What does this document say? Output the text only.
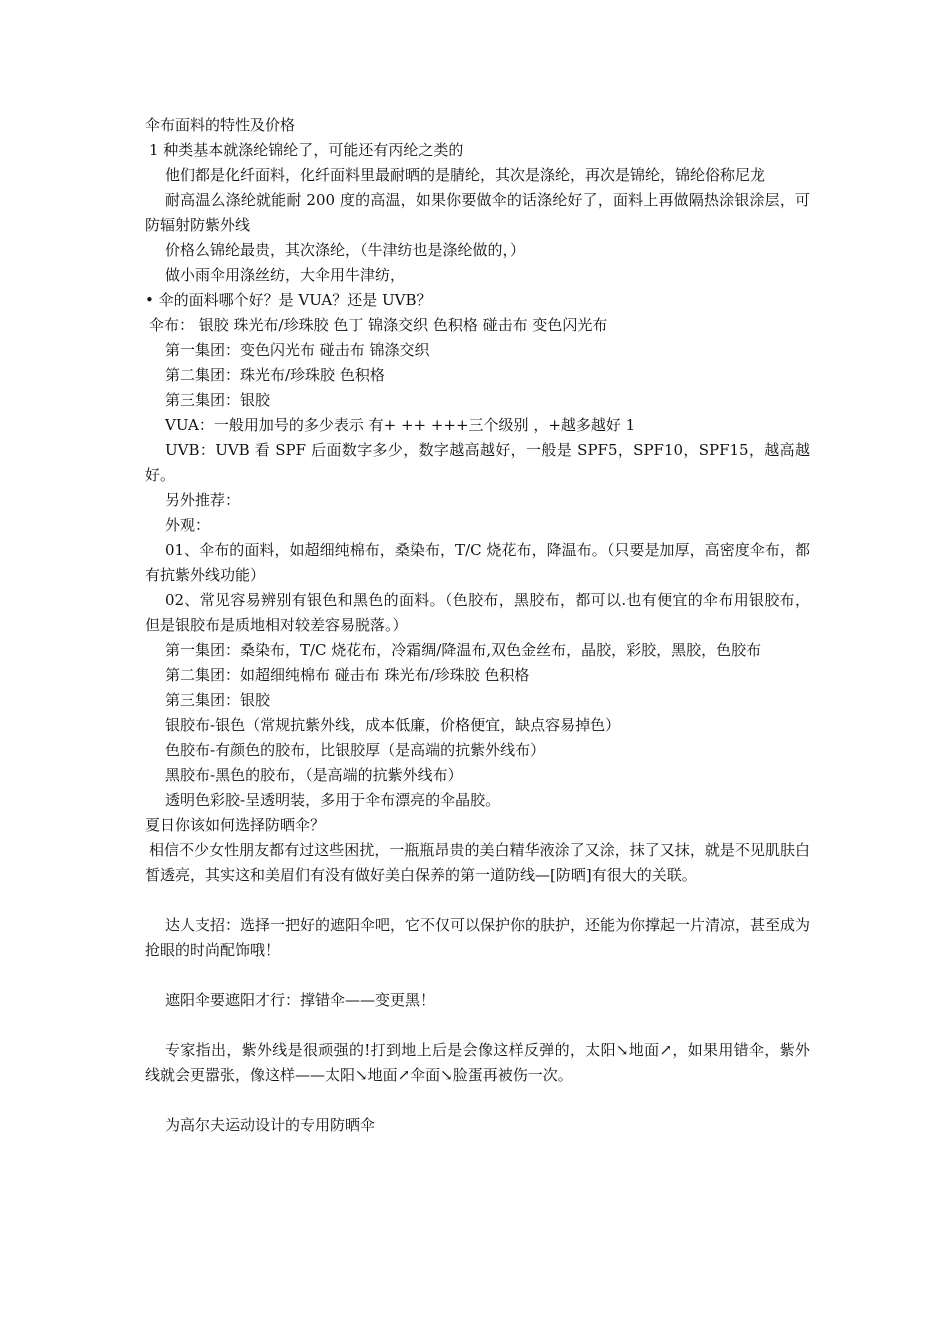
伞布面料的特性及价格

1 种类基本就涤纶锦纶了，可能还有丙纶之类的

他们都是化纤面料，化纤面料里最耐晒的是腈纶，其次是涤纶，再次是锦纶，锦纶俗称尼龙

耐高温么涤纶就能耐 200 度的高温，如果你要做伞的话涤纶好了，面料上再做隔热涂银涂层，可防辐射防紫外线

价格么锦纶最贵，其次涤纶，（牛津纺也是涤纶做的，）

做小雨伞用涤丝纺，大伞用牛津纺，

• 伞的面料哪个好？是 VUA？还是 UVB？

伞布： 银胶 珠光布/珍珠胶 色丁 锦涤交织 色积格 碰击布 变色闪光布

第一集团：变色闪光布 碰击布 锦涤交织

第二集团：珠光布/珍珠胶 色积格

第三集团：银胶

VUA：一般用加号的多少表示 有+ ++ +++三个级别 ，+越多越好 1

UVB：UVB 看 SPF 后面数字多少，数字越高越好，一般是 SPF5，SPF10，SPF15，越高越好。

另外推荐：

外观：

01、伞布的面料，如超细纯棉布，桑染布，T/C 烧花布，降温布。（只要是加厚，高密度伞布，都有抗紫外线功能）

02、常见容易辨别有银色和黑色的面料。（色胶布，黑胶布，都可以.也有便宜的伞布用银胶布，但是银胶布是质地相对较差容易脱落。）

第一集团：桑染布，T/C 烧花布，冷霜绸/降温布,双色金丝布，晶胶，彩胶，黑胶，色胶布

第二集团：如超细纯棉布 碰击布 珠光布/珍珠胶 色积格

第三集团：银胶

银胶布-银色（常规抗紫外线，成本低廉，价格便宜，缺点容易掉色）

色胶布-有颜色的胶布，比银胶厚（是高端的抗紫外线布）

黑胶布-黑色的胶布，（是高端的抗紫外线布）

透明色彩胶-呈透明装，多用于伞布漂亮的伞晶胶。

夏日你该如何选择防晒伞？

相信不少女性朋友都有过这些困扰，一瓶瓶昂贵的美白精华液涂了又涂，抹了又抹，就是不见肌肤白皙透亮，其实这和美眉们有没有做好美白保养的第一道防线—[防晒]有很大的关联。

达人支招：选择一把好的遮阳伞吧，它不仅可以保护你的肤护，还能为你撑起一片清凉，甚至成为抢眼的时尚配饰哦！

遮阳伞要遮阳才行：撑错伞——变更黑！

专家指出，紫外线是很顽强的!打到地上后是会像这样反弹的，太阳↘地面↗，如果用错伞，紫外线就会更嚣张，像这样——太阳↘地面↗伞面↘脸蛋再被伤一次。

为高尔夫运动设计的专用防晒伞
